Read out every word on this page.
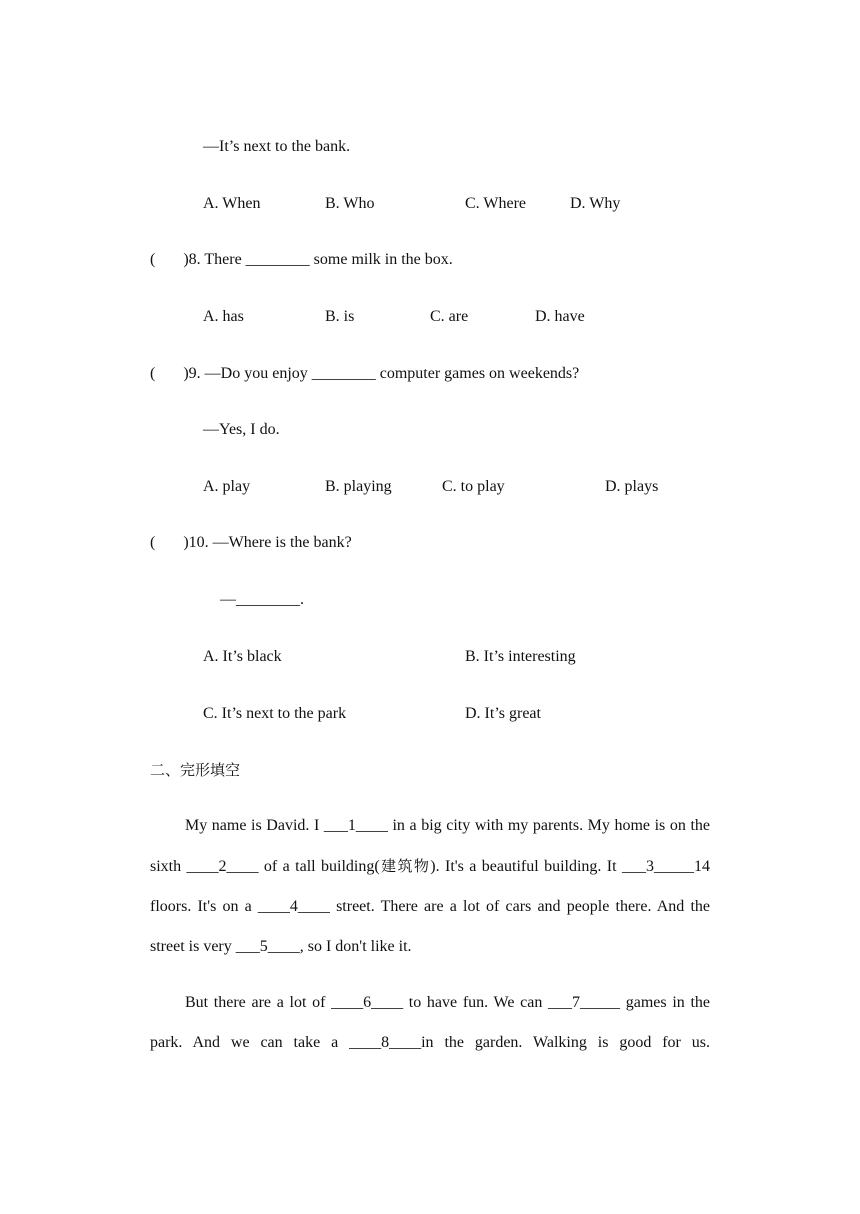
—It’s next to the bank.
A. When	B. Who	C. Where	D. Why
(       )8. There ________ some milk in the box.
A. has	B. is	C. are	D. have
(       )9. —Do you enjoy ________ computer games on weekends?
—Yes, I do.
A. play	B. playing	C. to play	D. plays
(       )10. —Where is the bank?
—________.
A. It’s black	B. It’s interesting
C. It’s next to the park	D. It’s great
二、完形填空

My name is David. I ___1____ in a big city with my parents. My home is on the sixth ____2____ of a tall building(建筑物). It's a beautiful building. It ___3_____14 floors. It's on a ____4____ street. There are a lot of cars and people there. And the street is very ___5____, so I don't like it.

But there are a lot of ____6____ to have fun. We can ___7_____ games in the park. And we can take a ____8____in the garden. Walking is good for us.
